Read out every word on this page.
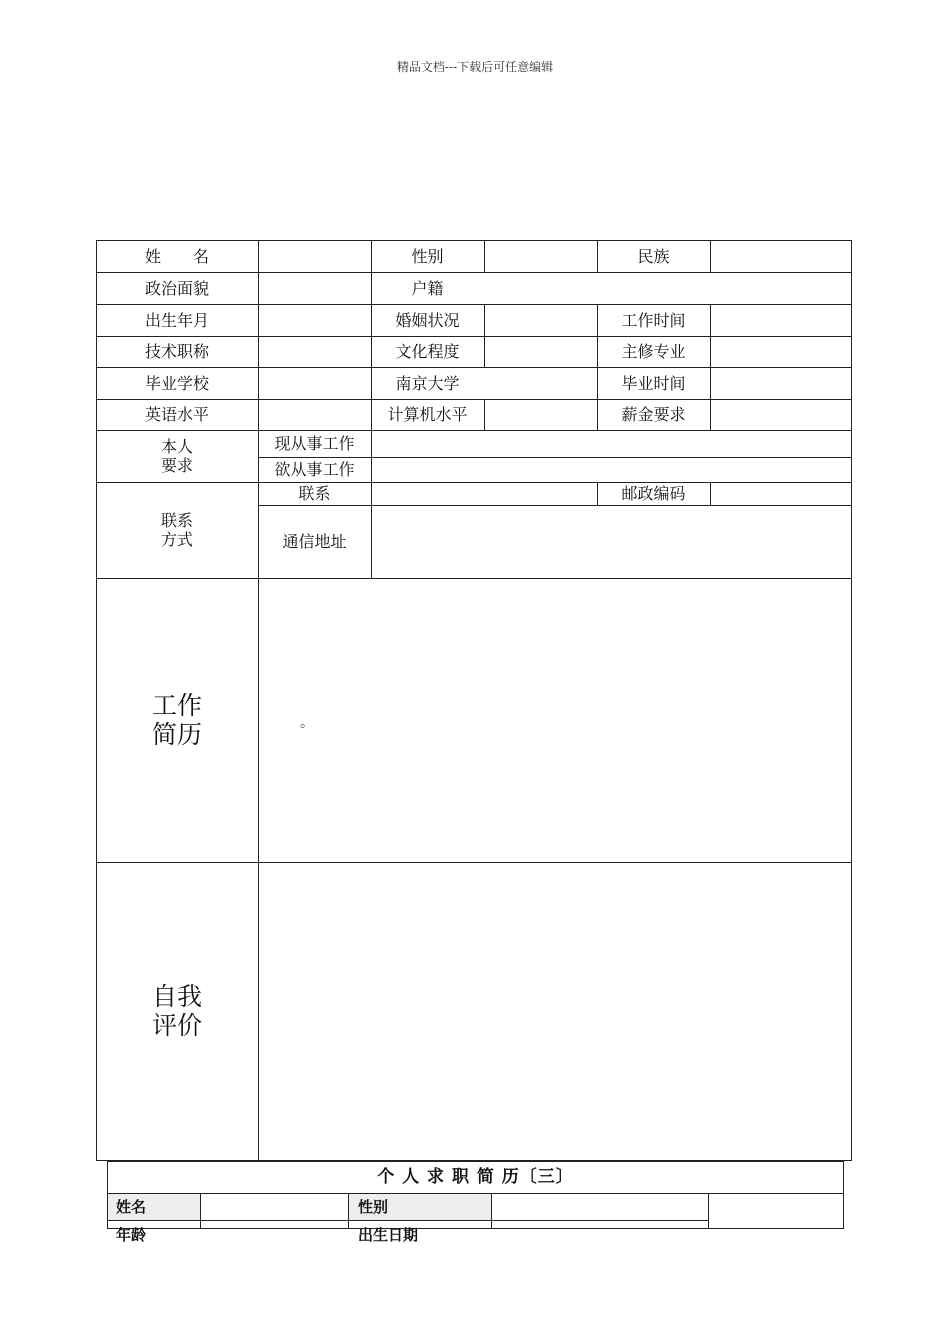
精品文档---下载后可任意编辑
姓　　名	性别	民族
政治面貌	户籍
出生年月	婚姻状况	工作时间
技术职称	文化程度	主修专业
毕业学校	南京大学	毕业时间
英语水平	计算机水平	薪金要求
本人
要求
现从事工作
欲从事工作
联系
方式
联系	邮政编码
通信地址
工作
简历	。
自我
评价
个 人 求 职 简 历〔三〕
姓名	性别
年龄	出生日期
